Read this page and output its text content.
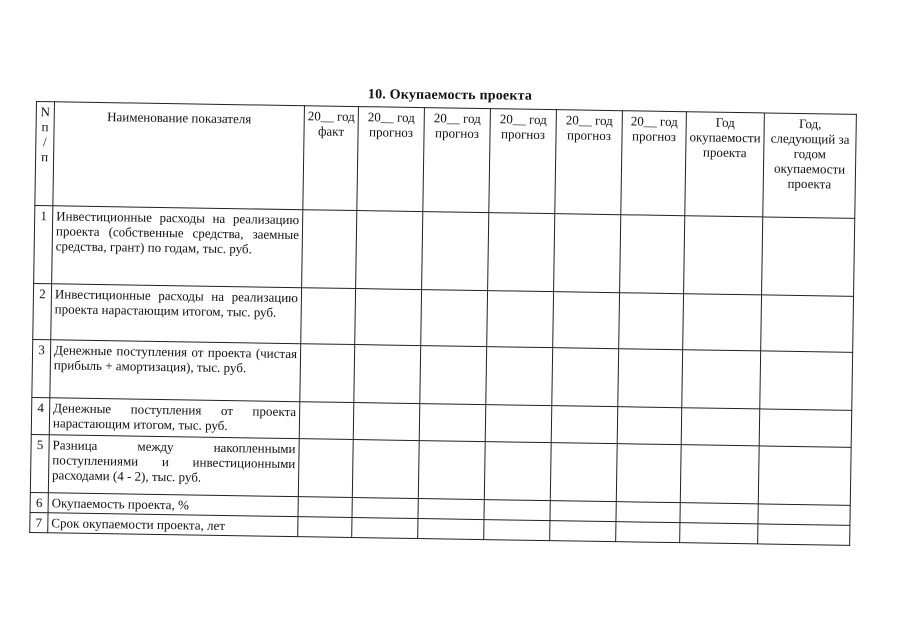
10. Окупаемость проекта
N п / п	Наименование показателя	20__ год факт	20__ год прогноз	20__ год прогноз	20__ год прогноз	20__ год прогноз	20__ год прогноз	Год окупаемости проекта	Год, следующий за годом окупаемости проекта
1	Инвестиционные расходы на реализацию проекта (собственные средства, заемные средства, грант) по годам, тыс. руб.								
2	Инвестиционные расходы на реализацию проекта нарастающим итогом, тыс. руб.								
3	Денежные поступления от проекта (чистая прибыль + амортизация), тыс. руб.								
4	Денежные поступления от проекта нарастающим итогом, тыс. руб.								
5	Разница между накопленными поступлениями и инвестиционными расходами (4 - 2), тыс. руб.								
6	Окупаемость проекта, %								
7	Срок окупаемости проекта, лет								
